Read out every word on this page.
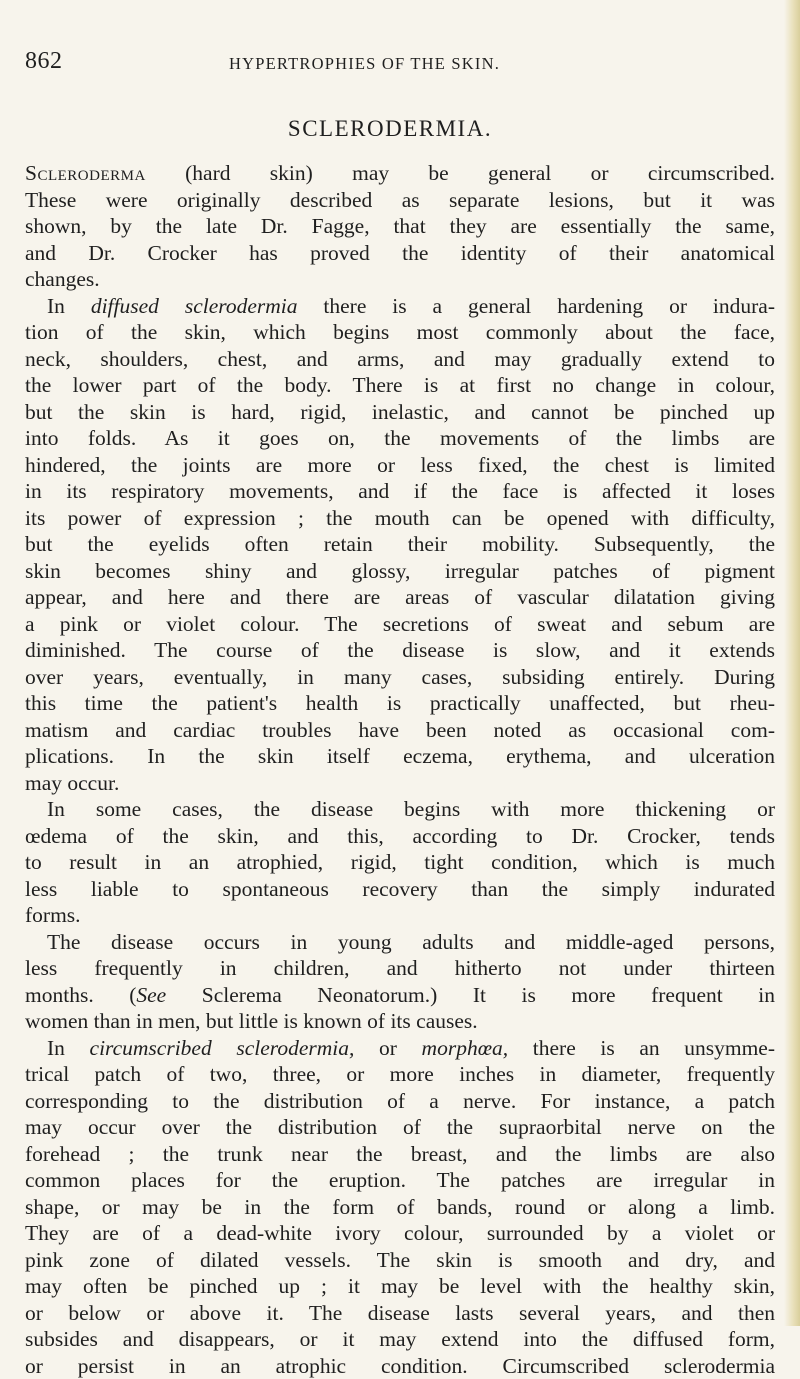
862	HYPERTROPHIES OF THE SKIN.
SCLERODERMIA.
Scleroderma (hard skin) may be general or circumscribed.
These were originally described as separate lesions, but it was
shown, by the late Dr. Fagge, that they are essentially the same,
and Dr. Crocker has proved the identity of their anatomical
changes.
In diffused sclerodermia there is a general hardening or indura-
tion of the skin, which begins most commonly about the face,
neck, shoulders, chest, and arms, and may gradually extend to
the lower part of the body. There is at first no change in colour,
but the skin is hard, rigid, inelastic, and cannot be pinched up
into folds. As it goes on, the movements of the limbs are
hindered, the joints are more or less fixed, the chest is limited
in its respiratory movements, and if the face is affected it loses
its power of expression ; the mouth can be opened with difficulty,
but the eyelids often retain their mobility. Subsequently, the
skin becomes shiny and glossy, irregular patches of pigment
appear, and here and there are areas of vascular dilatation giving
a pink or violet colour. The secretions of sweat and sebum are
diminished. The course of the disease is slow, and it extends
over years, eventually, in many cases, subsiding entirely. During
this time the patient's health is practically unaffected, but rheu-
matism and cardiac troubles have been noted as occasional com-
plications. In the skin itself eczema, erythema, and ulceration
may occur.
In some cases, the disease begins with more thickening or
œdema of the skin, and this, according to Dr. Crocker, tends
to result in an atrophied, rigid, tight condition, which is much
less liable to spontaneous recovery than the simply indurated
forms.
The disease occurs in young adults and middle-aged persons,
less frequently in children, and hitherto not under thirteen
months. (See Sclerema Neonatorum.) It is more frequent in
women than in men, but little is known of its causes.
In circumscribed sclerodermia, or morphœa, there is an unsymme-
trical patch of two, three, or more inches in diameter, frequently
corresponding to the distribution of a nerve. For instance, a patch
may occur over the distribution of the supraorbital nerve on the
forehead ; the trunk near the breast, and the limbs are also
common places for the eruption. The patches are irregular in
shape, or may be in the form of bands, round or along a limb.
They are of a dead-white ivory colour, surrounded by a violet or
pink zone of dilated vessels. The skin is smooth and dry, and
may often be pinched up ; it may be level with the healthy skin,
or below or above it. The disease lasts several years, and then
subsides and disappears, or it may extend into the diffused form,
or persist in an atrophic condition. Circumscribed sclerodermia
